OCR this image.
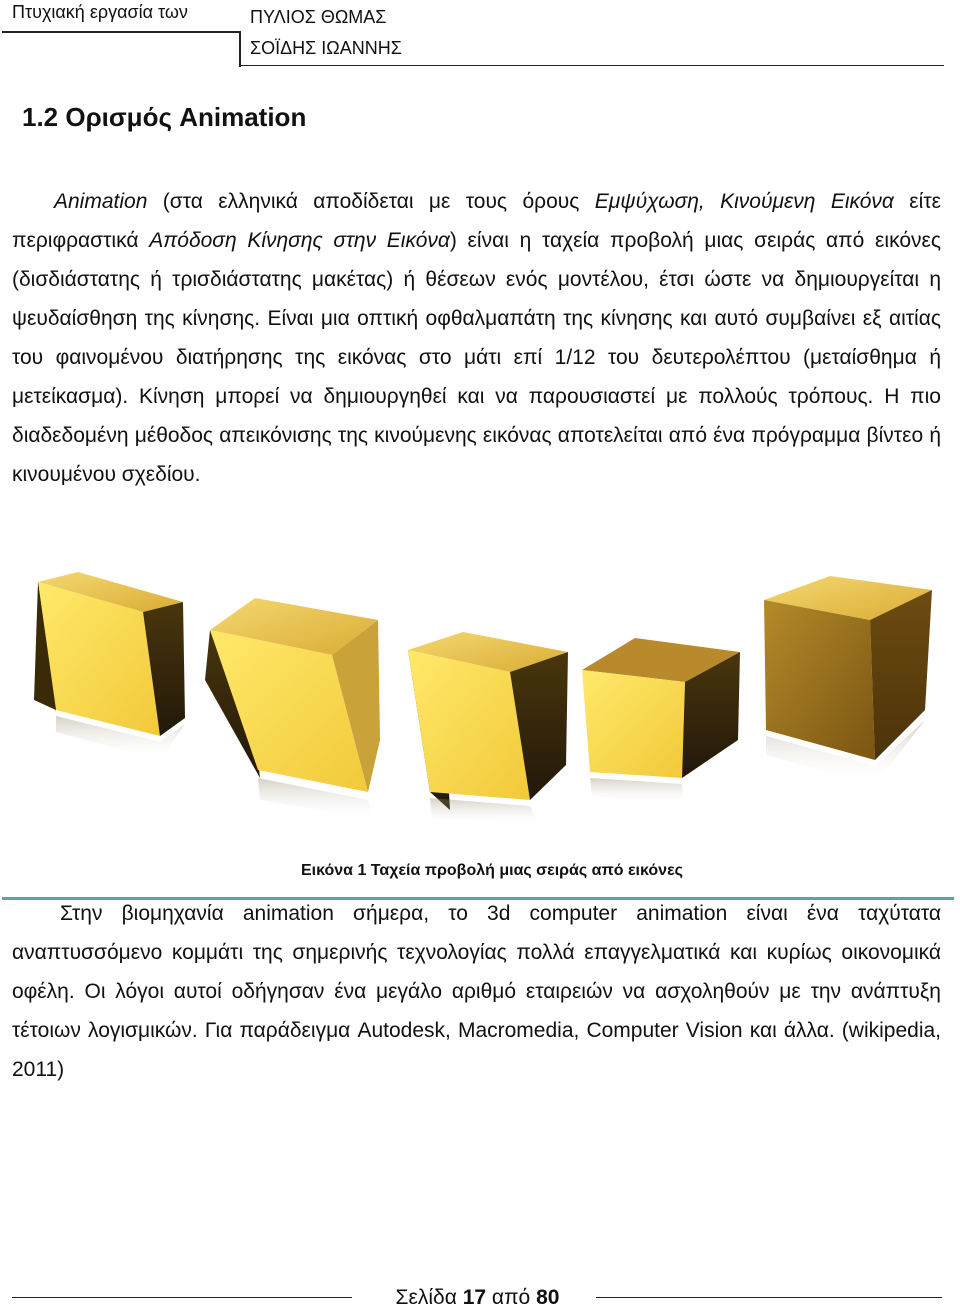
Πτυχιακή εργασία των	ΠΥΛΙΟΣ ΘΩΜΑΣ
ΣΟΪΔΗΣ ΙΩΑΝΝΗΣ
1.2 Ορισμός Animation

Animation (στα ελληνικά αποδίδεται με τους όρους Εμψύχωση, Κινούμενη Εικόνα είτε περιφραστικά Απόδοση Κίνησης στην Εικόνα) είναι η ταχεία προβολή μιας σειράς από εικόνες (δισδιάστατης ή τρισδιάστατης μακέτας) ή θέσεων ενός μοντέλου, έτσι ώστε να δημιουργείται η ψευδαίσθηση της κίνησης. Είναι μια οπτική οφθαλμαπάτη της κίνησης και αυτό συμβαίνει εξ αιτίας του φαινομένου διατήρησης της εικόνας στο μάτι επί 1/12 του δευτερολέπτου (μεταίσθημα ή μετείκασμα). Κίνηση μπορεί να δημιουργηθεί και να παρουσιαστεί με πολλούς τρόπους. Η πιο διαδεδομένη μέθοδος απεικόνισης της κινούμενης εικόνας αποτελείται από ένα πρόγραμμα βίντεο ή κινουμένου σχεδίου.

Εικόνα 1 Ταχεία προβολή μιας σειράς από εικόνες

Στην βιομηχανία animation σήμερα, το 3d computer animation είναι ένα ταχύτατα αναπτυσσόμενο κομμάτι της σημερινής τεχνολογίας πολλά επαγγελματικά και κυρίως οικονομικά οφέλη. Οι λόγοι αυτοί οδήγησαν ένα μεγάλο αριθμό εταιρειών να ασχοληθούν με την ανάπτυξη τέτοιων λογισμικών. Για παράδειγμα Autodesk, Macromedia, Computer Vision και άλλα. (wikipedia, 2011)

Σελίδα 17 από 80
